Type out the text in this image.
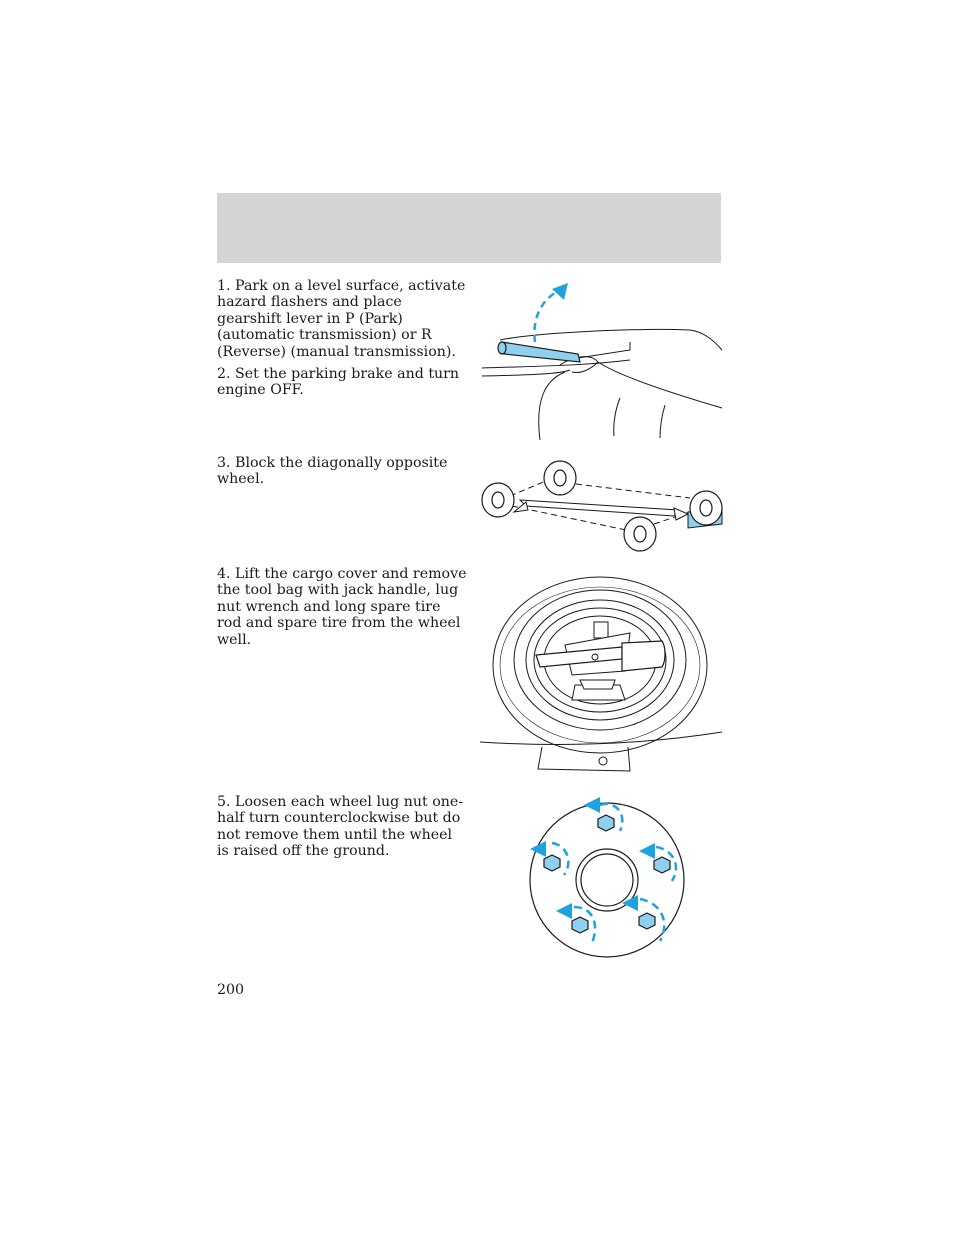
1. Park on a level surface, activate hazard flashers and place gearshift lever in P (Park) (automatic transmission) or R (Reverse) (manual transmission).
2. Set the parking brake and turn engine OFF.
3. Block the diagonally opposite wheel.
4. Lift the cargo cover and remove the tool bag with jack handle, lug nut wrench and long spare tire rod and spare tire from the wheel well.
5. Loosen each wheel lug nut one-half turn counterclockwise but do not remove them until the wheel is raised off the ground.
200
